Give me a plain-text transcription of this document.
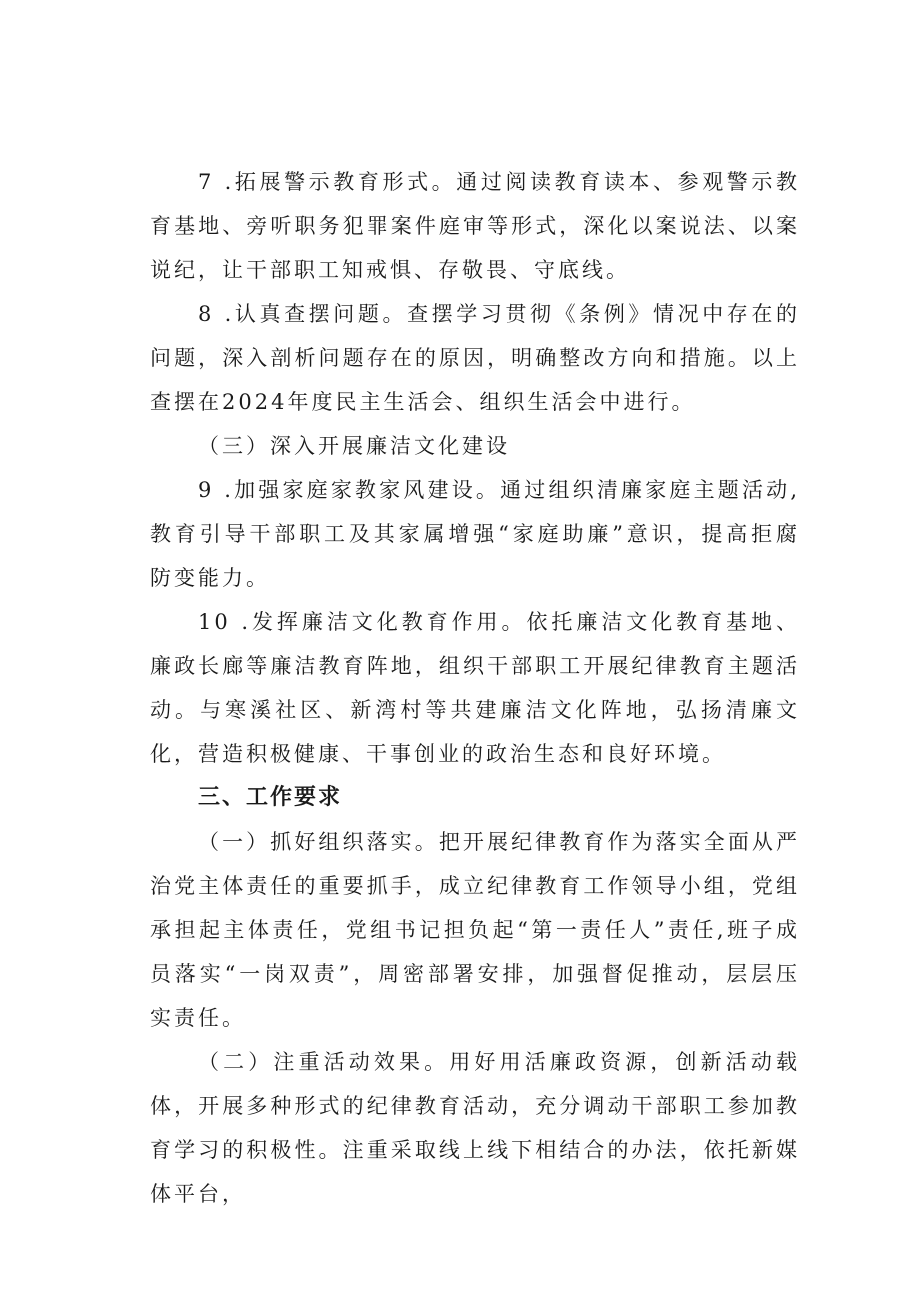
7 .拓展警示教育形式。通过阅读教育读本、参观警示教育基地、旁听职务犯罪案件庭审等形式，深化以案说法、以案说纪，让干部职工知戒惧、存敬畏、守底线。

8 .认真查摆问题。查摆学习贯彻《条例》情况中存在的问题，深入剖析问题存在的原因，明确整改方向和措施。以上查摆在2024年度民主生活会、组织生活会中进行。

（三）深入开展廉洁文化建设

9 .加强家庭家教家风建设。通过组织清廉家庭主题活动,教育引导干部职工及其家属增强“家庭助廉”意识，提高拒腐防变能力。

10 .发挥廉洁文化教育作用。依托廉洁文化教育基地、廉政长廊等廉洁教育阵地，组织干部职工开展纪律教育主题活动。与寒溪社区、新湾村等共建廉洁文化阵地，弘扬清廉文化，营造积极健康、干事创业的政治生态和良好环境。

三、工作要求

（一）抓好组织落实。把开展纪律教育作为落实全面从严治党主体责任的重要抓手，成立纪律教育工作领导小组，党组承担起主体责任，党组书记担负起“第一责任人”责任,班子成员落实“一岗双责”，周密部署安排，加强督促推动，层层压实责任。

（二）注重活动效果。用好用活廉政资源，创新活动载体，开展多种形式的纪律教育活动，充分调动干部职工参加教育学习的积极性。注重采取线上线下相结合的办法，依托新媒体平台，
